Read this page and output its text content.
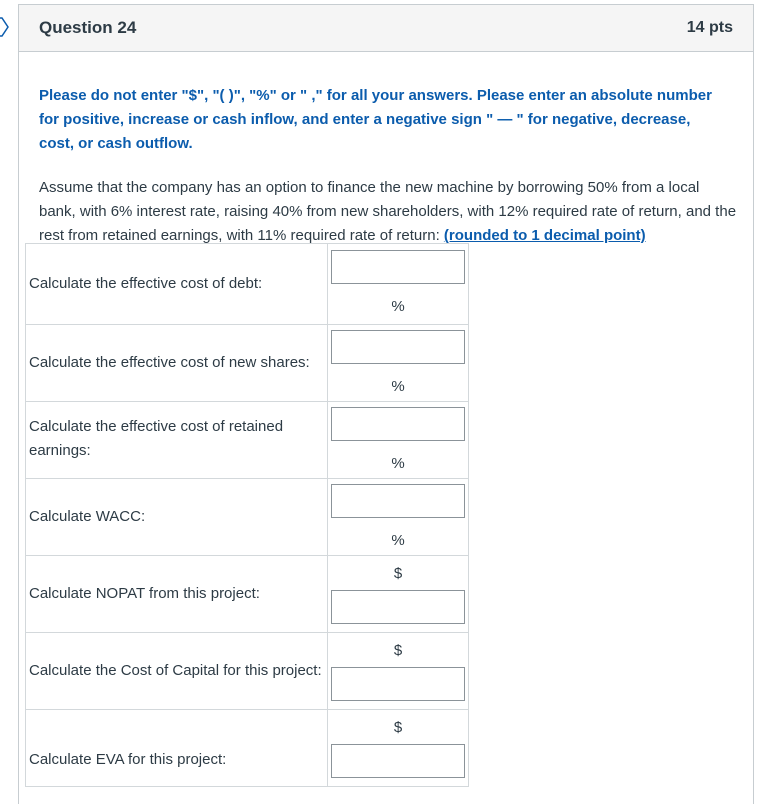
Question 24	14 pts

Please do not enter "$", "( )", "%" or " ," for all your answers. Please enter an absolute number for positive, increase or cash inflow, and enter a negative sign " — " for negative, decrease, cost, or cash outflow.

Assume that the company has an option to finance the new machine by borrowing 50% from a local bank, with 6% interest rate, raising 40% from new shareholders, with 12% required rate of return, and the rest from retained earnings, with 11% required rate of return: (rounded to 1 decimal point)

Calculate the effective cost of debt:	%

Calculate the effective cost of new shares:	%

Calculate the effective cost of retained earnings:	%

Calculate WACC:	%

Calculate NOPAT from this project:	$

Calculate the Cost of Capital for this project:	$

Calculate EVA for this project:	$
